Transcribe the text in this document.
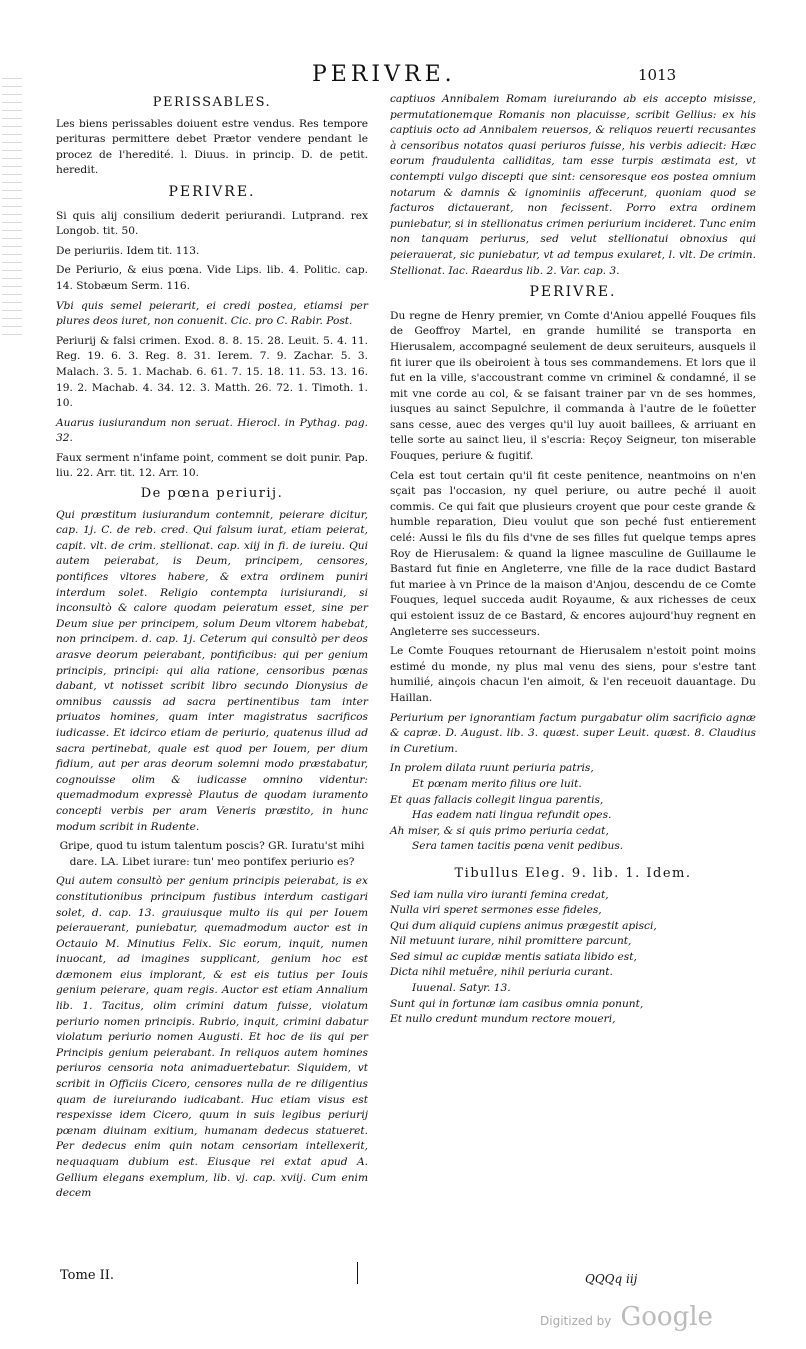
PERIVRE.	1013
PERISSABLES.

Les biens perissables doiuent estre vendus. Res tempore perituras permittere debet Prætor vendere pendant le procez de l'heredité. l. Diuus. in princip. D. de petit. heredit.

PERIVRE.

Si quis alij consilium dederit periurandi. Lutprand. rex Longob. tit. 50.

De periuriis. Idem tit. 113.

De Periurio, & eius pœna. Vide Lips. lib. 4. Politic. cap. 14. Stobæum Serm. 116.

Vbi quis semel peierarit, ei credi postea, etiamsi per plures deos iuret, non conuenit. Cic. pro C. Rabir. Post.

Periurij & falsi crimen. Exod. 8. 8. 15. 28. Leuit. 5. 4. 11. Reg. 19. 6. 3. Reg. 8. 31. Ierem. 7. 9. Zachar. 5. 3. Malach. 3. 5. 1. Machab. 6. 61. 7. 15. 18. 11. 53. 13. 16. 19. 2. Machab. 4. 34. 12. 3. Matth. 26. 72. 1. Timoth. 1. 10.

Auarus iusiurandum non seruat. Hierocl. in Pythag. pag. 32.

Faux serment n'infame point, comment se doit punir. Pap. liu. 22. Arr. tit. 12. Arr. 10.

De pœna periurij.

Qui præstitum iusiurandum contemnit, peierare dicitur, cap. 1j. C. de reb. cred. Qui falsum iurat, etiam peierat, capit. vlt. de crim. stellionat. cap. xiij in fi. de iureiu. Qui autem peierabat, is Deum, principem, censores, pontifices vltores habere, & extra ordinem puniri interdum solet. Religio contempta iurisiurandi, si inconsultò & calore quodam peieratum esset, sine per Deum siue per principem, solum Deum vltorem habebat, non principem. d. cap. 1j. Ceterum qui consultò per deos arasve deorum peierabant, pontificibus: qui per genium principis, principi: qui alia ratione, censoribus pœnas dabant, vt notisset scribit libro secundo Dionysius de omnibus caussis ad sacra pertinentibus tam inter priuatos homines, quam inter magistratus sacrificos iudicasse. Et idcirco etiam de periurio, quatenus illud ad sacra pertinebat, quale est quod per Iouem, per dium fidium, aut per aras deorum solemni modo præstabatur, cognouisse olim & iudicasse omnino videntur: quemadmodum expressè Plautus de quodam iuramento concepti verbis per aram Veneris præstito, in hunc modum scribit in Rudente.

Gripe, quod tu istum talentum poscis? GR. Iuratu'st mihi dare. LA. Libet iurare: tun' meo pontifex periurio es?

Qui autem consultò per genium principis peierabat, is ex constitutionibus principum fustibus interdum castigari solet, d. cap. 13. grauiusque multo iis qui per Iouem peierauerant, puniebatur, quemadmodum auctor est in Octauio M. Minutius Felix. Sic eorum, inquit, numen inuocant, ad imagines supplicant, genium hoc est dæmonem eius implorant, & est eis tutius per Iouis genium peierare, quam regis. Auctor est etiam Annalium lib. 1. Tacitus, olim crimini datum fuisse, violatum periurio nomen principis. Rubrio, inquit, crimini dabatur violatum periurio nomen Augusti. Et hoc de iis qui per Principis genium peierabant. In reliquos autem homines periuros censoria nota animaduertebatur. Siquidem, vt scribit in Officiis Cicero, censores nulla de re diligentius quam de iureiurando iudicabant. Huc etiam visus est respexisse idem Cicero, quum in suis legibus periurij pœnam diuinam exitium, humanam dedecus statueret. Per dedecus enim quin notam censoriam intellexerit, nequaquam dubium est. Eiusque rei extat apud A. Gellium elegans exemplum, lib. vj. cap. xviij. Cum enim decem

captiuos Annibalem Romam iureiurando ab eis accepto misisse, permutationemque Romanis non placuisse, scribit Gellius: ex his captiuis octo ad Annibalem reuersos, & reliquos reuerti recusantes à censoribus notatos quasi periuros fuisse, his verbis adiecit: Hæc eorum fraudulenta calliditas, tam esse turpis æstimata est, vt contempti vulgo discepti que sint: censoresque eos postea omnium notarum & damnis & ignominiis affecerunt, quoniam quod se facturos dictauerant, non fecissent. Porro extra ordinem puniebatur, si in stellionatus crimen periurium incideret. Tunc enim non tanquam periurus, sed velut stellionatui obnoxius qui peierauerat, sic puniebatur, vt ad tempus exularet, l. vlt. De crimin. Stellionat. Iac. Raeardus lib. 2. Var. cap. 3.

PERIVRE.

Du regne de Henry premier, vn Comte d'Aniou appellé Fouques fils de Geoffroy Martel, en grande humilité se transporta en Hierusalem, accompagné seulement de deux seruiteurs, ausquels il fit iurer que ils obeiroient à tous ses commandemens. Et lors que il fut en la ville, s'accoustrant comme vn criminel & condamné, il se mit vne corde au col, & se faisant trainer par vn de ses hommes, iusques au sainct Sepulchre, il commanda à l'autre de le foüetter sans cesse, auec des verges qu'il luy auoit baillees, & arriuant en telle sorte au sainct lieu, il s'escria: Reçoy Seigneur, ton miserable Fouques, periure & fugitif.

Cela est tout certain qu'il fit ceste penitence, neantmoins on n'en sçait pas l'occasion, ny quel periure, ou autre peché il auoit commis. Ce qui fait que plusieurs croyent que pour ceste grande & humble reparation, Dieu voulut que son peché fust entierement celé: Aussi le fils du fils d'vne de ses filles fut quelque temps apres Roy de Hierusalem: & quand la lignee masculine de Guillaume le Bastard fut finie en Angleterre, vne fille de la race dudict Bastard fut mariee à vn Prince de la maison d'Anjou, descendu de ce Comte Fouques, lequel succeda audit Royaume, & aux richesses de ceux qui estoient issuz de ce Bastard, & encores aujourd'huy regnent en Angleterre ses successeurs.

Le Comte Fouques retournant de Hierusalem n'estoit point moins estimé du monde, ny plus mal venu des siens, pour s'estre tant humilié, ainçois chacun l'en aimoit, & l'en receuoit dauantage. Du Haillan.

Periurium per ignorantiam factum purgabatur olim sacrificio agnæ & capræ. D. August. lib. 3. quæst. super Leuit. quæst. 8. Claudius in Curetium.

In prolem dilata ruunt periuria patris,

Et pœnam merito filius ore luit.

Et quas fallacis collegit lingua parentis,

Has eadem nati lingua refundit opes.

Ah miser, & si quis primo periuria cedat,

Sera tamen tacitis pœna venit pedibus.

Tibullus Eleg. 9. lib. 1. Idem.

Sed iam nulla viro iuranti femina credat,

Nulla viri speret sermones esse fideles,

Qui dum aliquid cupiens animus prægestit apisci,

Nil metuunt iurare, nihil promittere parcunt,

Sed simul ac cupidæ mentis satiata libido est,

Dicta nihil metuêre, nihil periuria curant.

Iuuenal. Satyr. 13.

Sunt qui in fortunæ iam casibus omnia ponunt,

Et nullo credunt mundum rectore moueri,

Tome II.	QQQq iij
Digitized by Google
